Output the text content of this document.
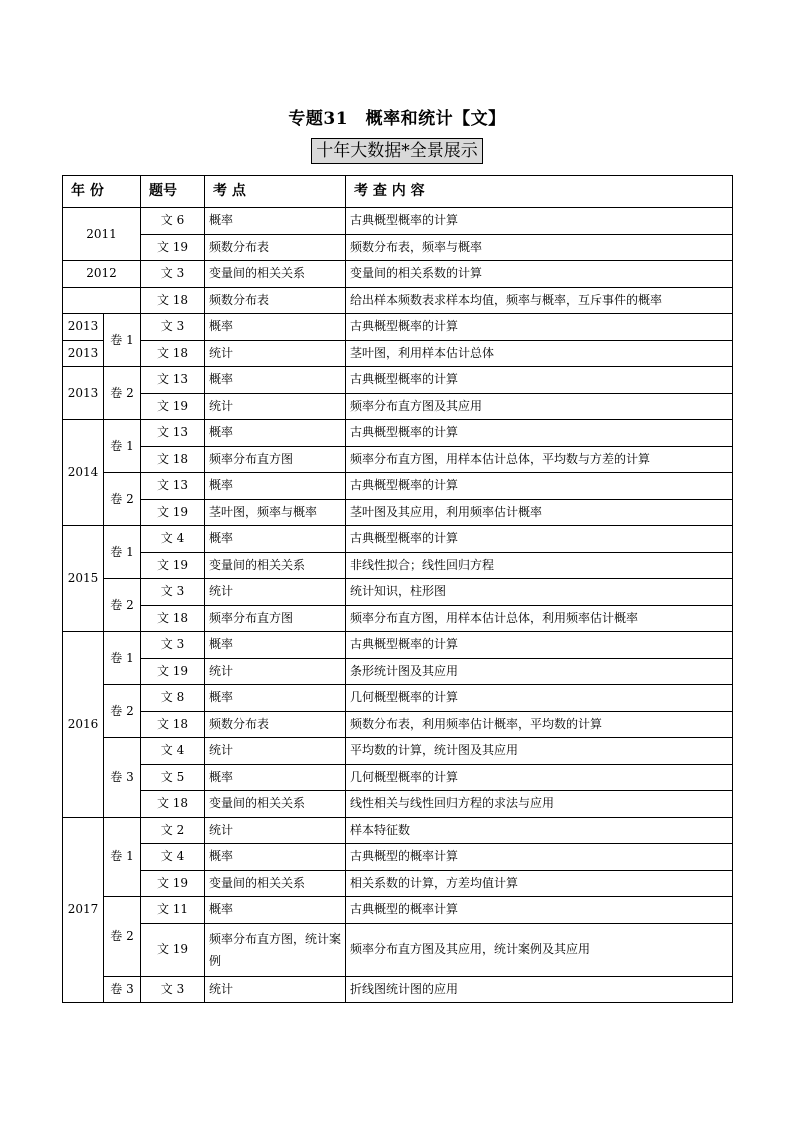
专题31　概率和统计【文】
十年大数据*全景展示
年 份		题号	考 点	考 查 内 容
2011		文 6	概率	古典概型概率的计算
		文 19	频数分布表	频数分布表，频率与概率
2012		文 3	变量间的相关关系	变量间的相关系数的计算
		文 18	频数分布表	给出样本频数表求样本均值，频率与概率，互斥事件的概率
2013	卷 1	文 3	概率	古典概型概率的计算
2013		文 18	统计	茎叶图，利用样本估计总体
2013	卷 2	文 13	概率	古典概型概率的计算
		文 19	统计	频率分布直方图及其应用
2014	卷 1	文 13	概率	古典概型概率的计算
		文 18	频率分布直方图	频率分布直方图，用样本估计总体，平均数与方差的计算
	卷 2	文 13	概率	古典概型概率的计算
		文 19	茎叶图，频率与概率	茎叶图及其应用，利用频率估计概率
2015	卷 1	文 4	概率	古典概型概率的计算
		文 19	变量间的相关关系	非线性拟合；线性回归方程
	卷 2	文 3	统计	统计知识，柱形图
		文 18	频率分布直方图	频率分布直方图，用样本估计总体，利用频率估计概率
2016	卷 1	文 3	概率	古典概型概率的计算
		文 19	统计	条形统计图及其应用
	卷 2	文 8	概率	几何概型概率的计算
		文 18	频数分布表	频数分布表，利用频率估计概率，平均数的计算
	卷 3	文 4	统计	平均数的计算，统计图及其应用
		文 5	概率	几何概型概率的计算
		文 18	变量间的相关关系	线性相关与线性回归方程的求法与应用
2017	卷 1	文 2	统计	样本特征数
		文 4	概率	古典概型的概率计算
		文 19	变量间的相关关系	相关系数的计算，方差均值计算
	卷 2	文 11	概率	古典概型的概率计算
		文 19	频率分布直方图，统计案例	频率分布直方图及其应用，统计案例及其应用
	卷 3	文 3	统计	折线图统计图的应用
